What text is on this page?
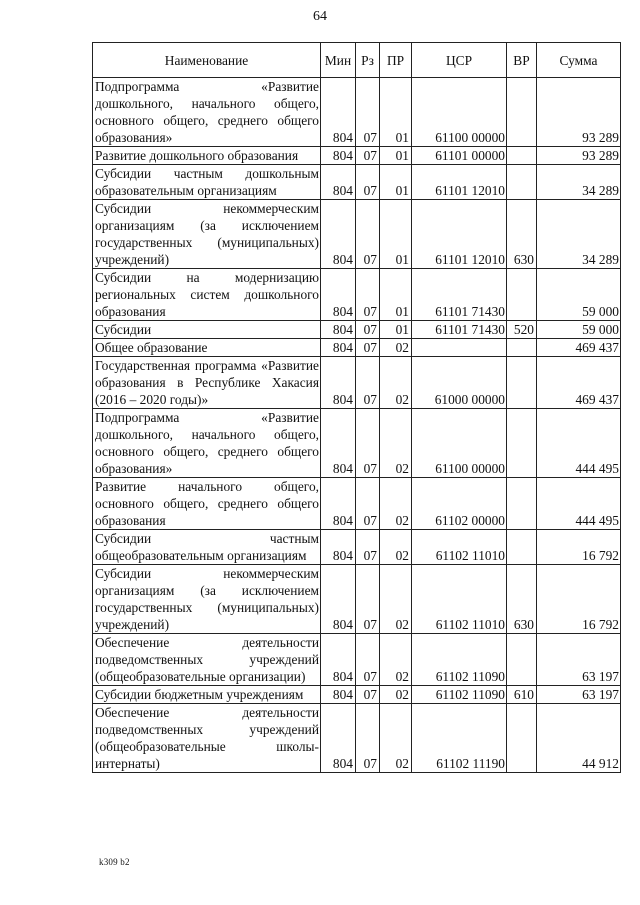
64
Наименование	Мин	Рз	ПР	ЦСР	ВР	Сумма
Подпрограмма «Развитие дошкольного, начального общего, основного общего, среднего общего образования»	804	07	01	61100 00000		93 289
Развитие дошкольного образования	804	07	01	61101 00000		93 289
Субсидии частным дошкольным образовательным организациям	804	07	01	61101 12010		34 289
Субсидии некоммерческим организациям (за исключением государственных (муниципальных) учреждений)	804	07	01	61101 12010	630	34 289
Субсидии на модернизацию региональных систем дошкольного образования	804	07	01	61101 71430		59 000
Субсидии	804	07	01	61101 71430	520	59 000
Общее образование	804	07	02			469 437
Государственная программа «Развитие образования в Республике Хакасия (2016 – 2020 годы)»	804	07	02	61000 00000		469 437
Подпрограмма «Развитие дошкольного, начального общего, основного общего, среднего общего образования»	804	07	02	61100 00000		444 495
Развитие начального общего, основного общего, среднего общего образования	804	07	02	61102 00000		444 495
Субсидии частным общеобразовательным организациям	804	07	02	61102 11010		16 792
Субсидии некоммерческим организациям (за исключением государственных (муниципальных) учреждений)	804	07	02	61102 11010	630	16 792
Обеспечение деятельности подведомственных учреждений (общеобразовательные организации)	804	07	02	61102 11090		63 197
Субсидии бюджетным учреждениям	804	07	02	61102 11090	610	63 197
Обеспечение деятельности подведомственных учреждений (общеобразовательные школы-интернаты)	804	07	02	61102 11190		44 912
k309 b2
